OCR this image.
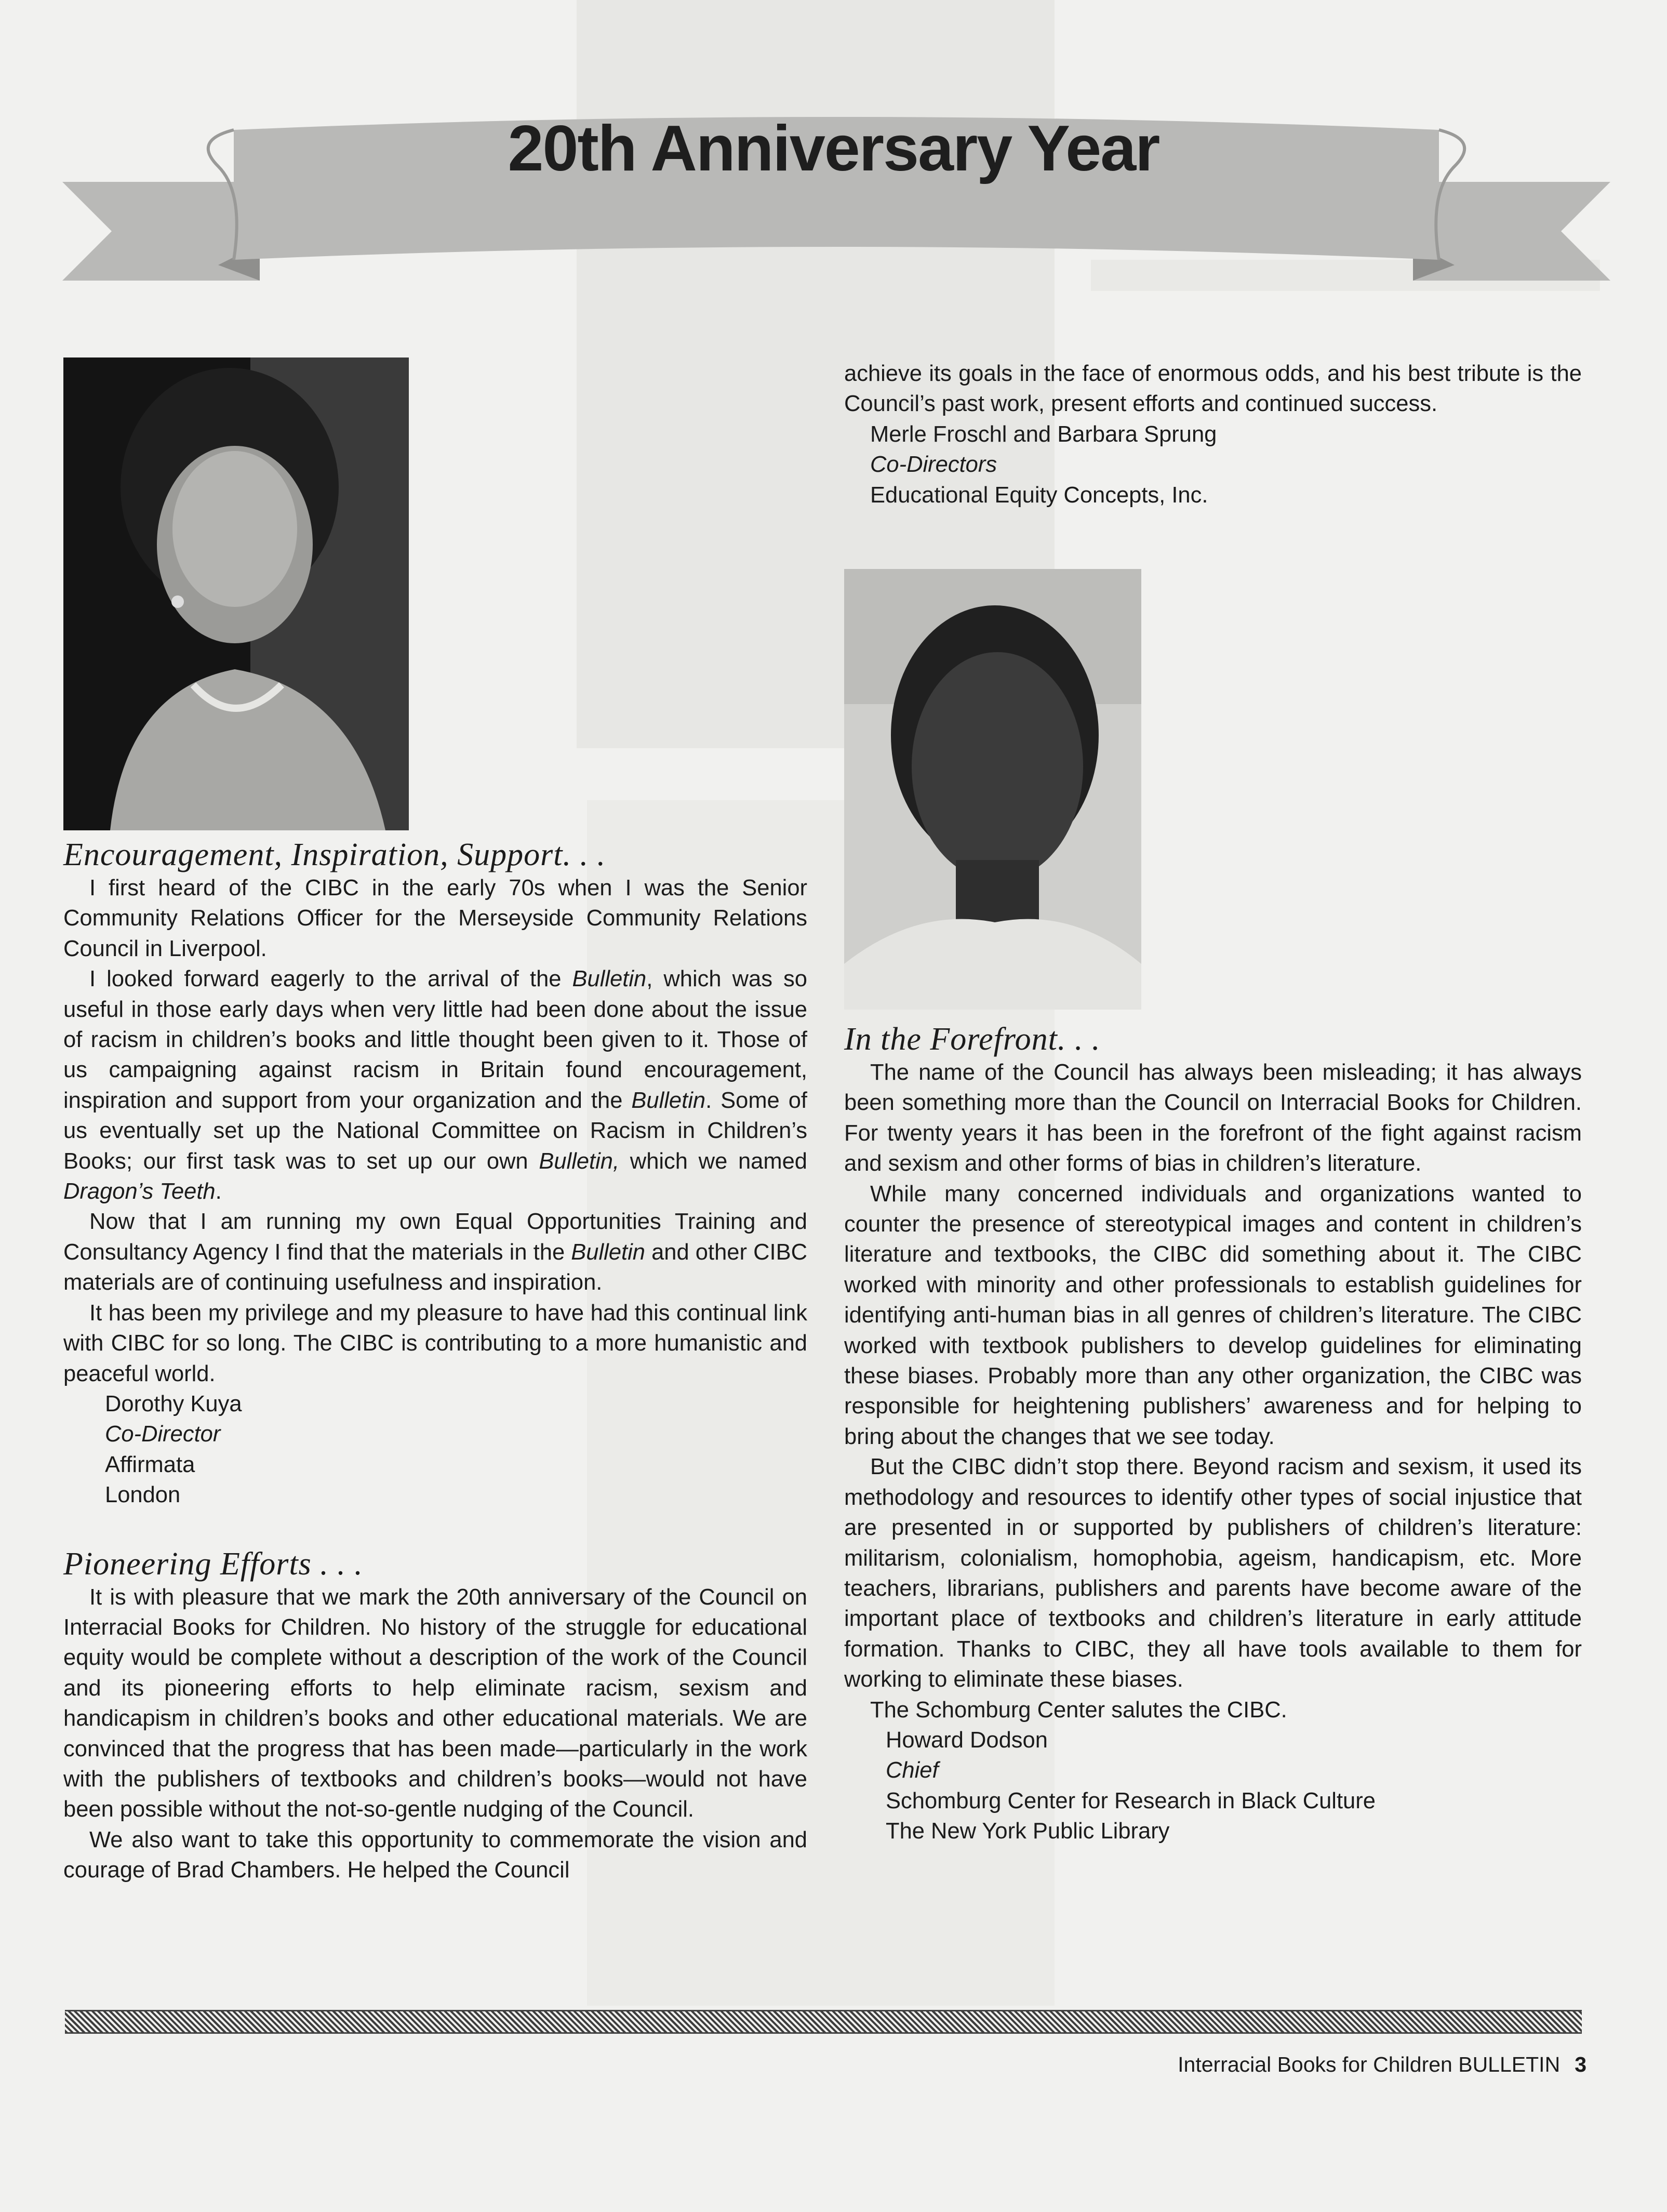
20th Anniversary Year
Encouragement, Inspiration, Support. . .

I first heard of the CIBC in the early 70s when I was the Senior Community Relations Officer for the Merseyside Community Relations Council in Liverpool.

I looked forward eagerly to the arrival of the Bulletin, which was so useful in those early days when very little had been done about the issue of racism in children’s books and little thought been given to it. Those of us campaigning against racism in Britain found encouragement, inspiration and support from your organization and the Bulletin. Some of us eventually set up the National Committee on Racism in Children’s Books; our first task was to set up our own Bulletin, which we named Dragon’s Teeth.

Now that I am running my own Equal Opportunities Training and Consultancy Agency I find that the materials in the Bulletin and other CIBC materials are of continuing usefulness and inspiration.

It has been my privilege and my pleasure to have had this continual link with CIBC for so long. The CIBC is contributing to a more humanistic and peaceful world.

Dorothy Kuya
Co-Director
Affirmata
London
Pioneering Efforts . . .

It is with pleasure that we mark the 20th anniversary of the Council on Interracial Books for Children. No history of the struggle for educational equity would be complete without a description of the work of the Council and its pioneering efforts to help eliminate racism, sexism and handicapism in children’s books and other educational materials. We are convinced that the progress that has been made—particularly in the work with the publishers of textbooks and children’s books—would not have been possible without the not-so-gentle nudging of the Council.

We also want to take this opportunity to commemorate the vision and courage of Brad Chambers. He helped the Council

achieve its goals in the face of enormous odds, and his best tribute is the Council’s past work, present efforts and continued success.

Merle Froschl and Barbara Sprung
Co-Directors
Educational Equity Concepts, Inc.
In the Forefront. . .

The name of the Council has always been misleading; it has always been something more than the Council on Interracial Books for Children. For twenty years it has been in the forefront of the fight against racism and sexism and other forms of bias in children’s literature.

While many concerned individuals and organizations wanted to counter the presence of stereotypical images and content in children’s literature and textbooks, the CIBC did something about it. The CIBC worked with minority and other professionals to establish guidelines for identifying anti-human bias in all genres of children’s literature. The CIBC worked with textbook publishers to develop guidelines for eliminating these biases. Probably more than any other organization, the CIBC was responsible for heightening publishers’ awareness and for helping to bring about the changes that we see today.

But the CIBC didn’t stop there. Beyond racism and sexism, it used its methodology and resources to identify other types of social injustice that are presented in or supported by publishers of children’s literature: militarism, colonialism, homophobia, ageism, handicapism, etc. More teachers, librarians, publishers and parents have become aware of the important place of textbooks and children’s literature in early attitude formation. Thanks to CIBC, they all have tools available to them for working to eliminate these biases.

The Schomburg Center salutes the CIBC.

Howard Dodson
Chief
Schomburg Center for Research in Black Culture
The New York Public Library
Interracial Books for Children BULLETIN 3
